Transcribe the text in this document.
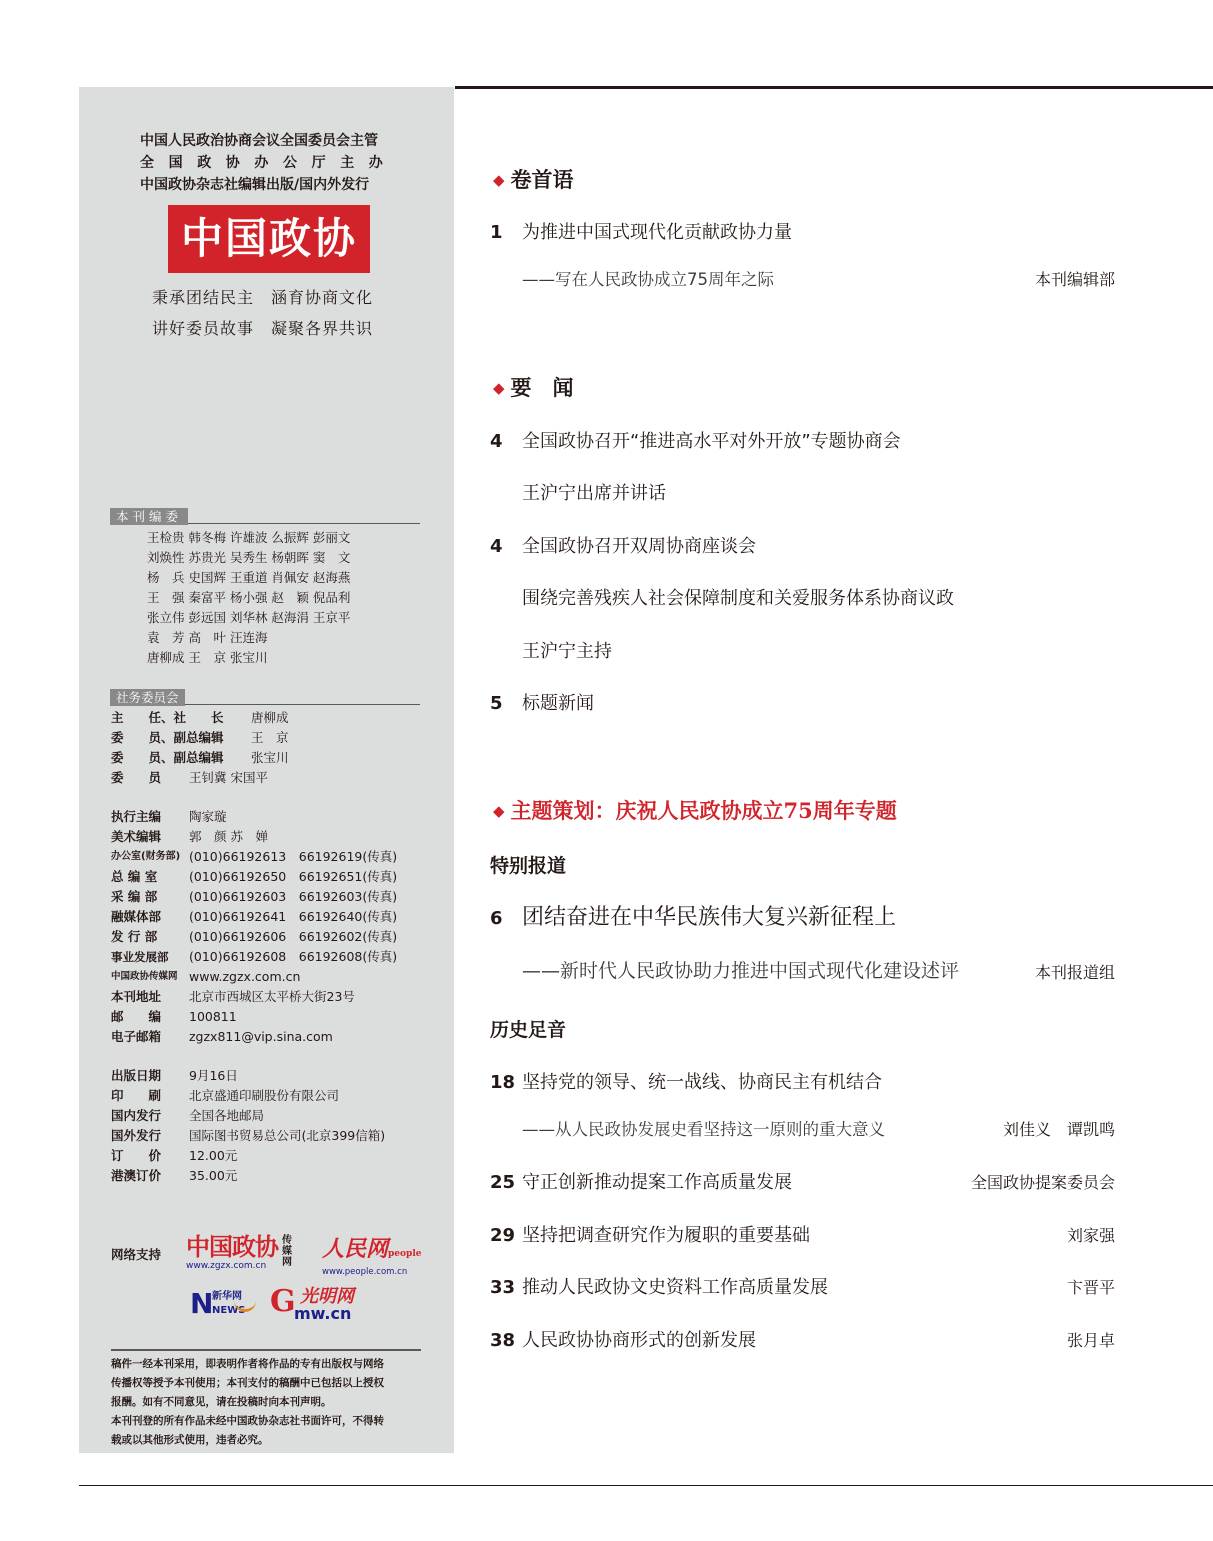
中国人民政治协商会议全国委员会主管
全国政协办公厅主办
中国政协杂志社编辑出版/国内外发行
中国政协
秉承团结民主　涵育协商文化
讲好委员故事　凝聚各界共识
本刊编委
王检贵 韩冬梅 许雄波 么振辉 彭丽文
刘焕性 苏贵光 吴秀生 杨朝晖 窦　文
杨　兵 史国辉 王重道 肖佩安 赵海燕
王　强 秦富平 杨小强 赵　颖 倪品利
张立伟 彭远国 刘华林 赵海涓 王京平
袁　芳 高　叶 汪连海
唐柳成 王　京 张宝川
社务委员会
主　　任、社　　长	唐柳成
委　　员、副总编辑	王　京
委　　员、副总编辑	张宝川
委　　员	王钊冀 宋国平
执行主编	陶家璇
美术编辑	郭　颜 苏　婵
办公室(财务部) (010)66192613　66192619(传真)
总 编 室	(010)66192650　66192651(传真)
采 编 部	(010)66192603　66192603(传真)
融媒体部	(010)66192641　66192640(传真)
发 行 部	(010)66192606　66192602(传真)
事业发展部	(010)66192608　66192608(传真)
中国政协传媒网 www.zgzx.com.cn
本刊地址	北京市西城区太平桥大街23号
邮　　编	100811
电子邮箱	zgzx811@vip.sina.com
出版日期	9月16日
印　　刷	北京盛通印刷股份有限公司
国内发行	全国各地邮局
国外发行	国际图书贸易总公司(北京399信箱)
订　　价	12.00元
港澳订价	35.00元
网络支持 中国政协 传媒网
www.zgzx.com.cn
人民网people
www.people.com.cn
N
新华网
NEWS G 光明网
mw.cn
稿件一经本刊采用，即表明作者将作品的专有出版权与网络
传播权等授予本刊使用；本刊支付的稿酬中已包括以上授权
报酬。如有不同意见，请在投稿时向本刊声明。
本刊刊登的所有作品未经中国政协杂志社书面许可，不得转
载或以其他形式使用，违者必究。
◆ 卷首语
1 为推进中国式现代化贡献政协力量
——写在人民政协成立75周年之际	本刊编辑部
◆ 要　闻
4 全国政协召开“推进高水平对外开放”专题协商会
王沪宁出席并讲话
4 全国政协召开双周协商座谈会
围绕完善残疾人社会保障制度和关爱服务体系协商议政
王沪宁主持
5 标题新闻
◆ 主题策划：庆祝人民政协成立75周年专题
特别报道
6 团结奋进在中华民族伟大复兴新征程上
——新时代人民政协助力推进中国式现代化建设述评	本刊报道组
历史足音
18 坚持党的领导、统一战线、协商民主有机结合
——从人民政协发展史看坚持这一原则的重大意义	刘佳义　谭凯鸣
25 守正创新推动提案工作高质量发展	全国政协提案委员会
29 坚持把调查研究作为履职的重要基础	刘家强
33 推动人民政协文史资料工作高质量发展	卞晋平
38 人民政协协商形式的创新发展	张月卓
